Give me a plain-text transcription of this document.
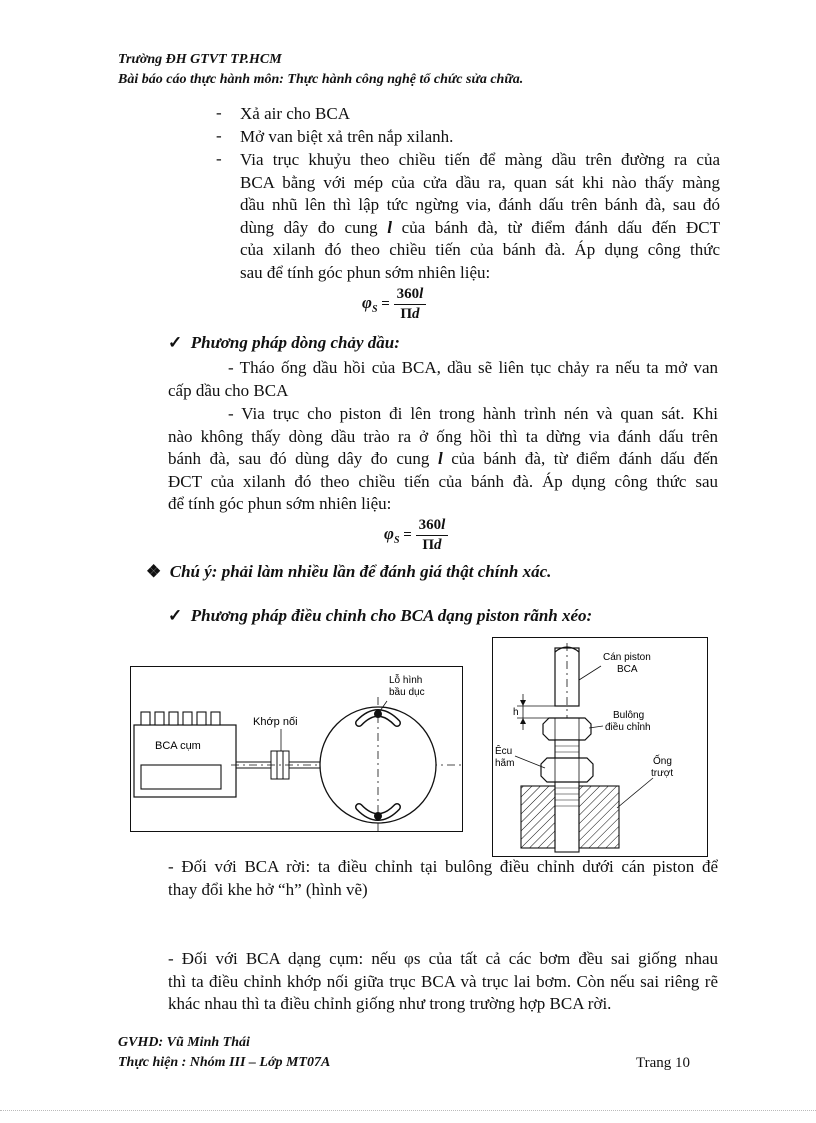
Trường ĐH GTVT TP.HCM
Bài báo cáo thực hành môn: Thực hành công nghệ tổ chức sửa chữa.
- Xả air cho BCA
- Mở van biệt xả trên nắp xilanh.
- Via trục khuỷu theo chiều tiến để màng dầu trên đường ra của
BCA bằng với mép của cửa dầu ra, quan sát khi nào thấy màng
dầu nhũ lên thì lập tức ngừng via, đánh dấu trên bánh đà, sau đó
dùng dây đo cung l của bánh đà, từ điểm đánh dấu đến ĐCT
của xilanh đó theo chiều tiến của bánh đà. Áp dụng công thức
sau để tính góc phun sớm nhiên liệu:
$\varphi_S = \frac{360l}{\Pi d}$
✓ Phương pháp dòng chảy dầu:
- Tháo ống dầu hồi của BCA, dầu sẽ liên tục chảy ra nếu ta mở van
cấp dầu cho BCA
- Via trục cho piston đi lên trong hành trình nén và quan sát. Khi
nào không thấy dòng dầu trào ra ở ống hồi thì ta dừng via đánh dấu trên
bánh đà, sau đó dùng dây đo cung l của bánh đà, từ điểm đánh dấu đến
ĐCT của xilanh đó theo chiều tiến của bánh đà. Áp dụng công thức sau
để tính góc phun sớm nhiên liệu:
$\varphi_S = \frac{360l}{\Pi d}$
❖ Chú ý: phải làm nhiều lần để đánh giá thật chính xác.
✓ Phương pháp điều chỉnh cho BCA dạng piston rãnh xéo:
BCA cụm
Khớp nối
Lỗ hình
bầu dục
Cán piston
BCA
Bulông
điều chỉnh
Êcu
hãm	Ống
trượt
h
- Đối với BCA rời: ta điều chỉnh tại bulông điều chỉnh dưới cán piston để
thay đổi khe hở “h” (hình vẽ)
- Đối với BCA dạng cụm: nếu φs của tất cả các bơm đều sai giống nhau
thì ta điều chỉnh khớp nối giữa trục BCA và trục lai bơm. Còn nếu sai riêng rẽ
khác nhau thì ta điều chỉnh giống như trong trường hợp BCA rời.
GVHD: Vũ Minh Thái
Thực hiện : Nhóm III – Lớp MT07A	Trang 10
